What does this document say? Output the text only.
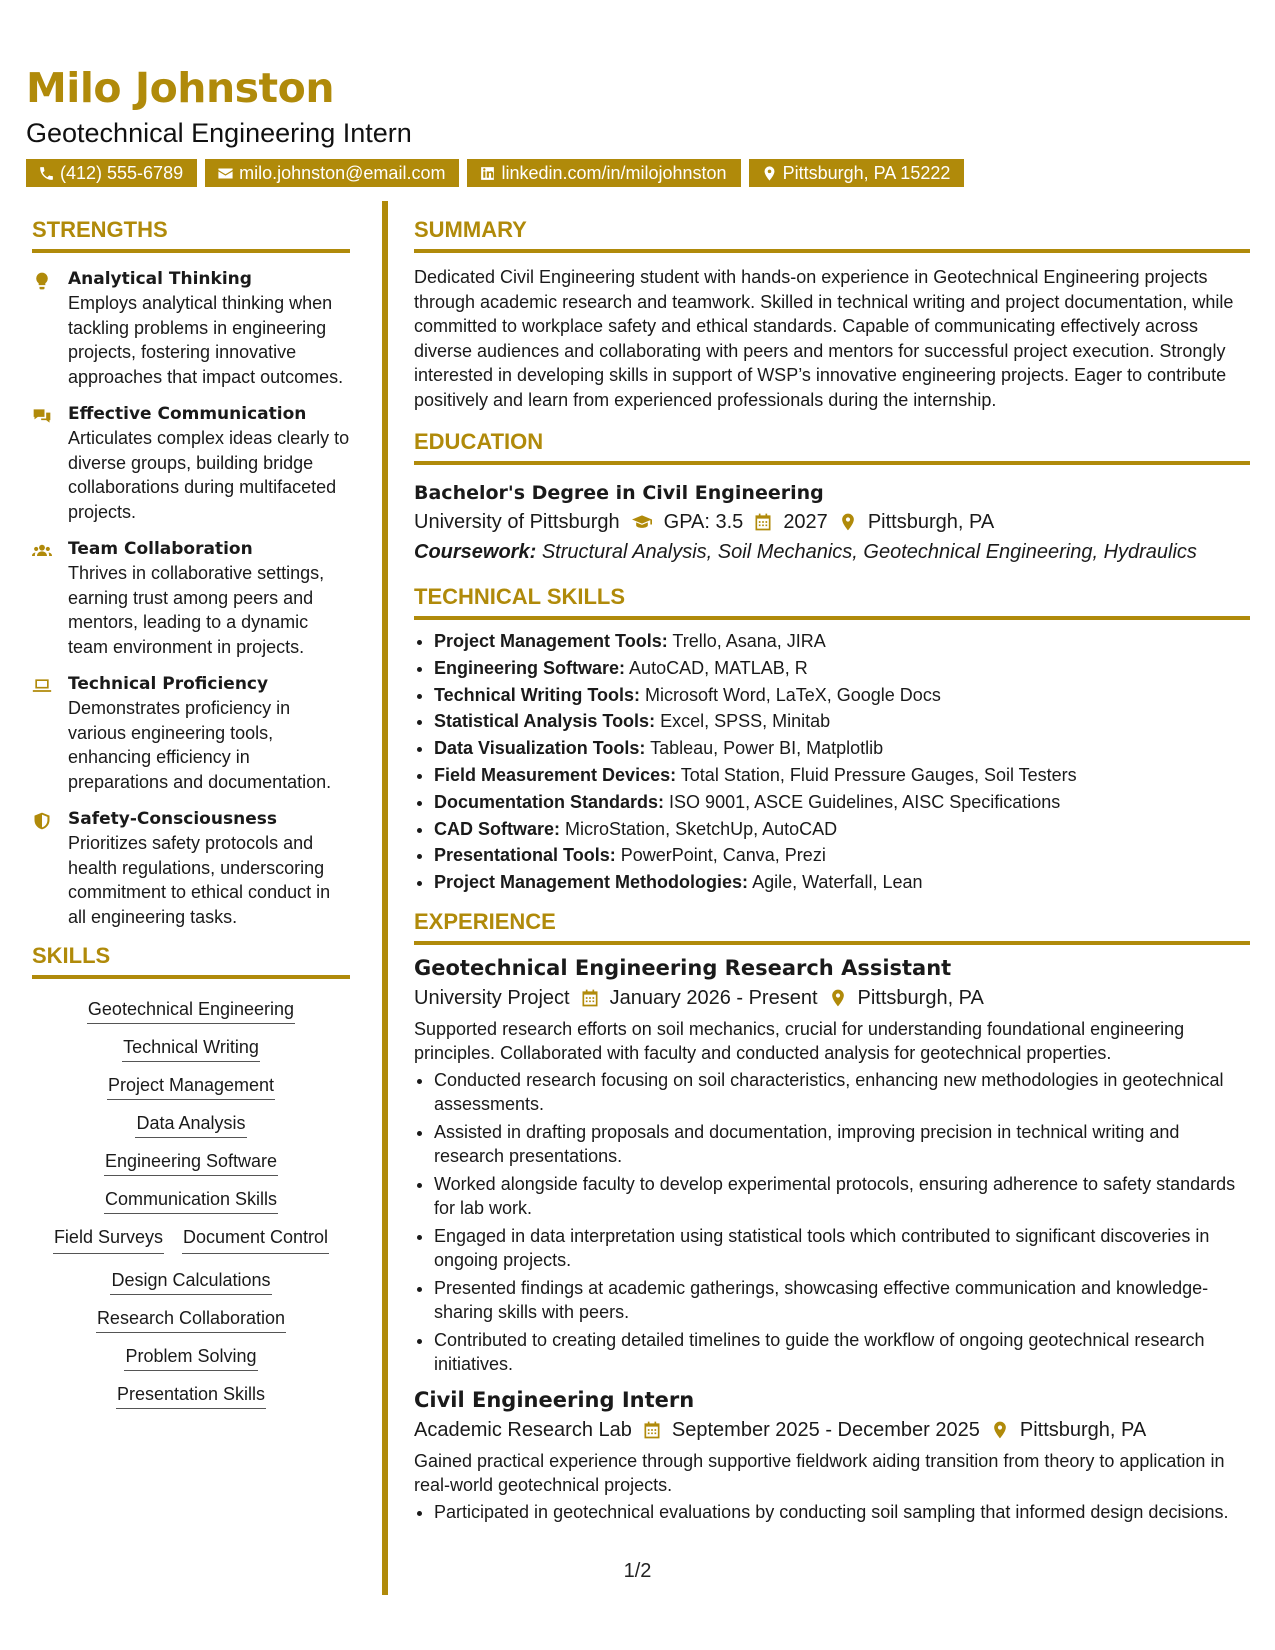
Milo Johnston
Geotechnical Engineering Intern
(412) 555-6789	milo.johnston@email.com	linkedin.com/in/milojohnston	Pittsburgh, PA 15222
STRENGTHS
Analytical Thinking
Employs analytical thinking when tackling problems in engineering projects, fostering innovative approaches that impact outcomes.
Effective Communication
Articulates complex ideas clearly to diverse groups, building bridge collaborations during multifaceted projects.
Team Collaboration
Thrives in collaborative settings, earning trust among peers and mentors, leading to a dynamic team environment in projects.
Technical Proficiency
Demonstrates proficiency in various engineering tools, enhancing efficiency in preparations and documentation.
Safety-Consciousness
Prioritizes safety protocols and health regulations, underscoring commitment to ethical conduct in all engineering tasks.
SKILLS
Geotechnical Engineering
Technical Writing
Project Management
Data Analysis
Engineering Software
Communication Skills
Field Surveys Document Control
Design Calculations
Research Collaboration
Problem Solving
Presentation Skills
SUMMARY
Dedicated Civil Engineering student with hands-on experience in Geotechnical Engineering projects through academic research and teamwork. Skilled in technical writing and project documentation, while committed to workplace safety and ethical standards. Capable of communicating effectively across diverse audiences and collaborating with peers and mentors for successful project execution. Strongly interested in developing skills in support of WSP’s innovative engineering projects. Eager to contribute positively and learn from experienced professionals during the internship.
EDUCATION
Bachelor's Degree in Civil Engineering
University of Pittsburgh GPA: 3.5 2027 Pittsburgh, PA
Coursework: Structural Analysis, Soil Mechanics, Geotechnical Engineering, Hydraulics
TECHNICAL SKILLS
• Project Management Tools: Trello, Asana, JIRA
• Engineering Software: AutoCAD, MATLAB, R
• Technical Writing Tools: Microsoft Word, LaTeX, Google Docs
• Statistical Analysis Tools: Excel, SPSS, Minitab
• Data Visualization Tools: Tableau, Power BI, Matplotlib
• Field Measurement Devices: Total Station, Fluid Pressure Gauges, Soil Testers
• Documentation Standards: ISO 9001, ASCE Guidelines, AISC Specifications
• CAD Software: MicroStation, SketchUp, AutoCAD
• Presentational Tools: PowerPoint, Canva, Prezi
• Project Management Methodologies: Agile, Waterfall, Lean
EXPERIENCE
Geotechnical Engineering Research Assistant
University Project January 2026 - Present Pittsburgh, PA
Supported research efforts on soil mechanics, crucial for understanding foundational engineering principles. Collaborated with faculty and conducted analysis for geotechnical properties.
• Conducted research focusing on soil characteristics, enhancing new methodologies in geotechnical assessments.
• Assisted in drafting proposals and documentation, improving precision in technical writing and research presentations.
• Worked alongside faculty to develop experimental protocols, ensuring adherence to safety standards for lab work.
• Engaged in data interpretation using statistical tools which contributed to significant discoveries in ongoing projects.
• Presented findings at academic gatherings, showcasing effective communication and knowledge-sharing skills with peers.
• Contributed to creating detailed timelines to guide the workflow of ongoing geotechnical research initiatives.
Civil Engineering Intern
Academic Research Lab September 2025 - December 2025 Pittsburgh, PA
Gained practical experience through supportive fieldwork aiding transition from theory to application in real-world geotechnical projects.
• Participated in geotechnical evaluations by conducting soil sampling that informed design decisions.
1/2
